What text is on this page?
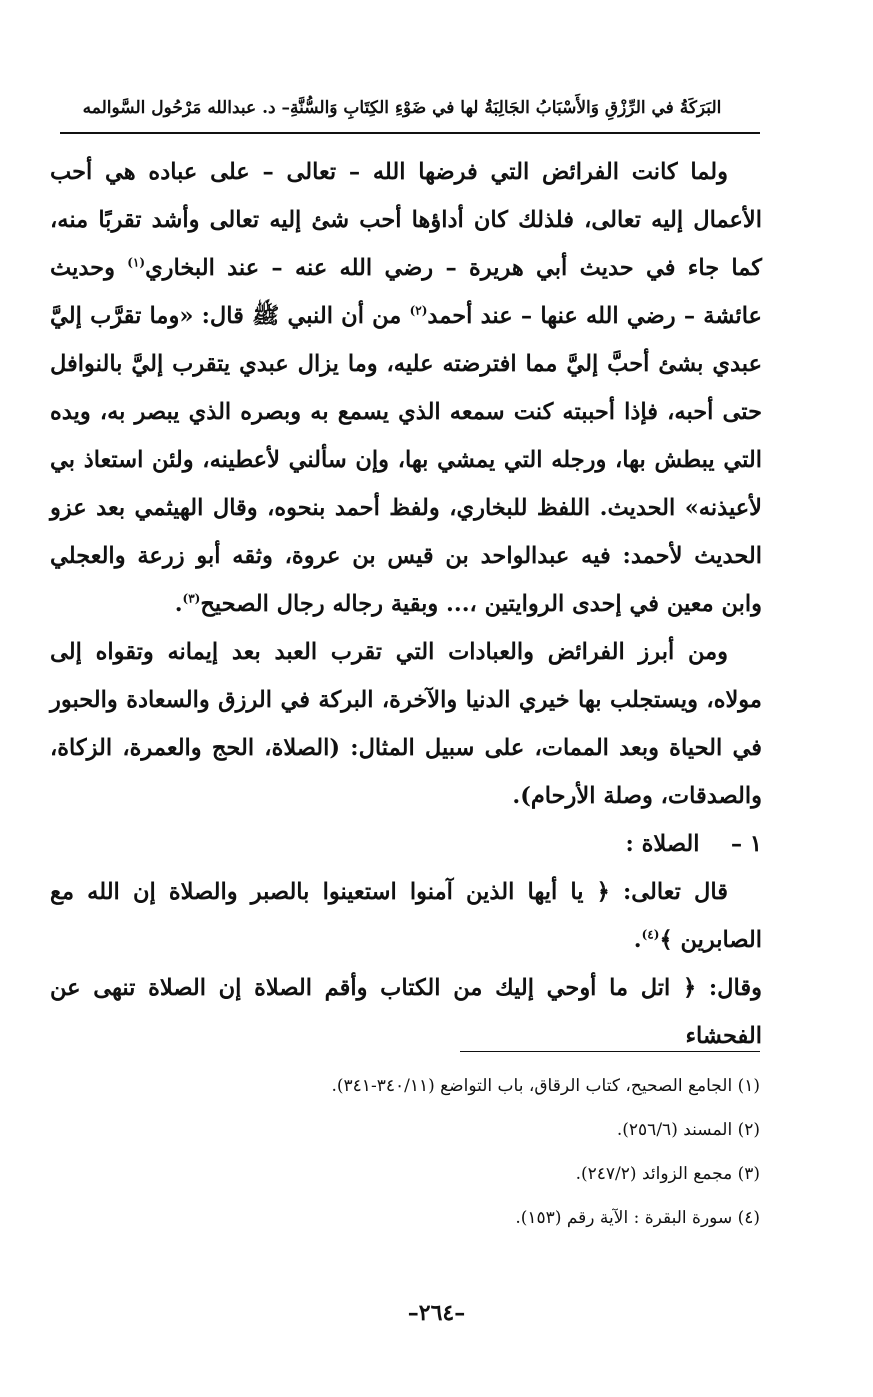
البَرَكَةُ في الرِّزْقِ وَالأَسْبَابُ الجَالِبَةُ لها في ضَوْءِ الكِتَابِ وَالسُّنَّةِ– د. عبدالله مَرْحُول السَّوالمه

ولما كانت الفرائض التي فرضها الله – تعالى – على عباده هي أحب الأعمال إليه تعالى، فلذلك كان أداؤها أحب شئ إليه تعالى وأشد تقربًا منه، كما جاء في حديث أبي هريرة – رضي الله عنه – عند البخاري$^{(١)}$ وحديث عائشة – رضي الله عنها – عند أحمد$^{(٢)}$ من أن النبي ﷺ قال: «وما تقرَّب إليَّ عبدي بشئ أحبَّ إليَّ مما افترضته عليه، وما يزال عبدي يتقرب إليَّ بالنوافل حتى أحبه، فإذا أحببته كنت سمعه الذي يسمع به وبصره الذي يبصر به، ويده التي يبطش بها، ورجله التي يمشي بها، وإن سألني لأعطينه، ولئن استعاذ بي لأعيذنه» الحديث. اللفظ للبخاري، ولفظ أحمد بنحوه، وقال الهيثمي بعد عزو الحديث لأحمد: فيه عبدالواحد بن قيس بن عروة، وثقه أبو زرعة والعجلي وابن معين في إحدى الروايتين ،... وبقية رجاله رجال الصحيح$^{(٣)}$.

ومن أبرز الفرائض والعبادات التي تقرب العبد بعد إيمانه وتقواه إلى مولاه، ويستجلب بها خيري الدنيا والآخرة، البركة في الرزق والسعادة والحبور في الحياة وبعد الممات، على سبيل المثال: (الصلاة، الحج والعمرة، الزكاة، والصدقات، وصلة الأرحام).

١ –    الصلاة :

قال تعالى: ﴿ يا أيها الذين آمنوا استعينوا بالصبر والصلاة إن الله مع الصابرين ﴾$^{(٤)}$.

وقال: ﴿ اتل ما أوحي إليك من الكتاب وأقم الصلاة إن الصلاة تنهى عن الفحشاء

(١) الجامع الصحيح، كتاب الرقاق، باب التواضع (٣٤٠/١١-٣٤١).
(٢) المسند (٢٥٦/٦).
(٣) مجمع الزوائد (٢٤٧/٢).
(٤) سورة البقرة : الآية رقم (١٥٣).
–٢٦٤–
